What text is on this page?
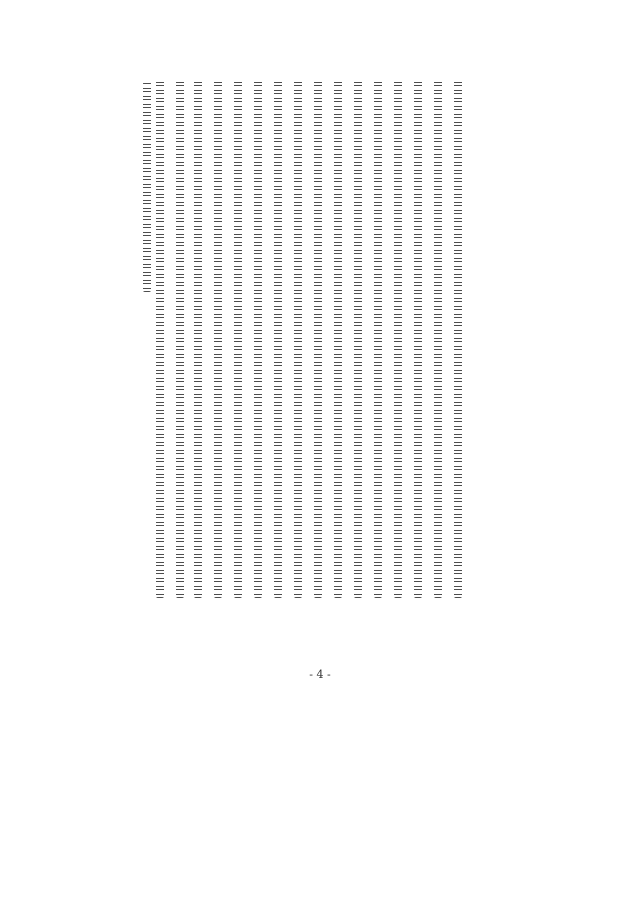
- 4 -
